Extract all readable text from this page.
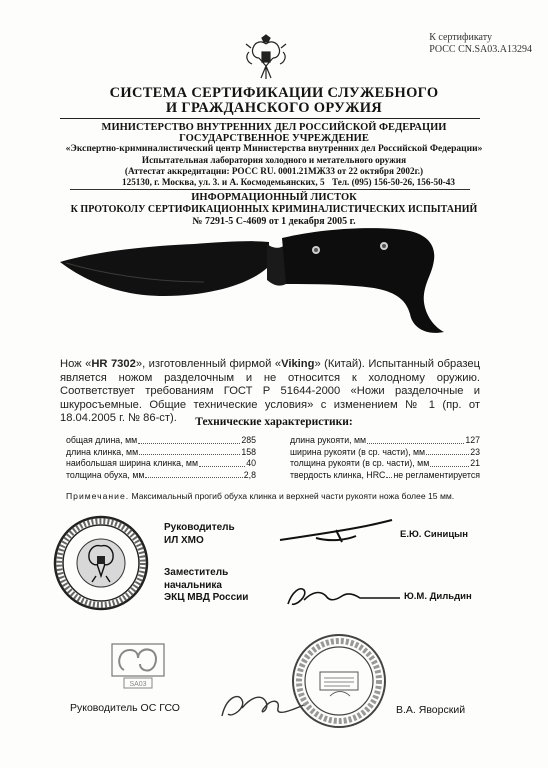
К сертификату
РОСС CN.SA03.A13294
СИСТЕМА СЕРТИФИКАЦИИ СЛУЖЕБНОГО
И ГРАЖДАНСКОГО ОРУЖИЯ
МИНИСТЕРСТВО ВНУТРЕННИХ ДЕЛ РОССИЙСКОЙ ФЕДЕРАЦИИ
ГОСУДАРСТВЕННОЕ УЧРЕЖДЕНИЕ
«Экспертно-криминалистический центр Министерства внутренних дел Российской Федерации»
Испытательная лаборатория холодного и метательного оружия
(Аттестат аккредитации: РОСС RU. 0001.21МЖ33 от 22 октября 2002г.)
125130, г. Москва, ул. 3. и А. Космодемьянских, 5 Тел. (095) 156-50-26, 156-50-43
ИНФОРМАЦИОННЫЙ ЛИСТОК
К ПРОТОКОЛУ СЕРТИФИКАЦИОННЫХ КРИМИНАЛИСТИЧЕСКИХ ИСПЫТАНИЙ
№ 7291-5 С-4609 от 1 декабря 2005 г.
Нож «HR 7302», изготовленный фирмой «Viking» (Китай). Испытанный образец является ножом разделочным и не относится к холодному оружию. Соответствует требованиям ГОСТ Р 51644-2000 «Ножи разделочные и шкуросъемные. Общие технические условия» с изменением № 1 (пр. от 18.04.2005 г. № 86-ст).	Технические характеристики:
общая длина, мм	285
длина клинка, мм	158
наибольшая ширина клинка, мм	40
толщина обуха, мм	2,8
длина рукояти, мм	127
ширина рукояти (в ср. части), мм	23
толщина рукояти (в ср. части), мм	21
твердость клинка, HRC не регламентируется
Примечание. Максимальный прогиб обуха клинка и верхней части рукояти ножа более 15 мм.
Руководитель
ИЛ ХМО	Е.Ю. Синицын
Заместитель
начальника
ЭКЦ МВД России	Ю.М. Дильдин
SA03
Руководитель ОС ГСО	В.А. Яворский
